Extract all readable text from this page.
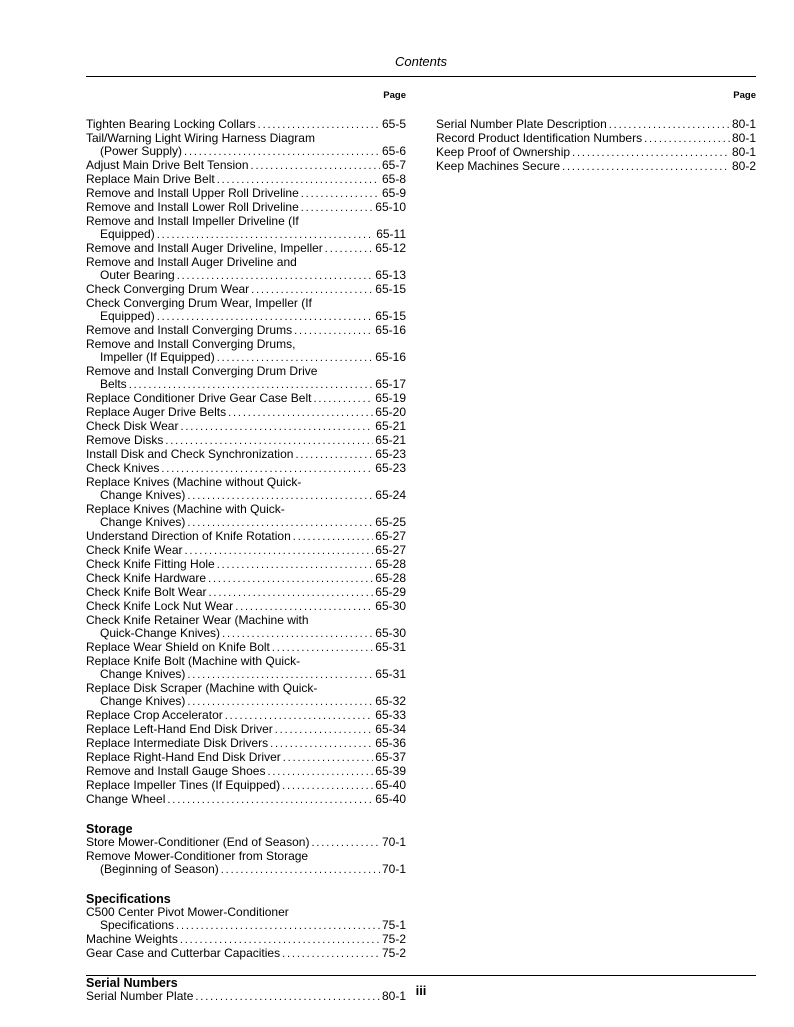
Contents
Page
Tighten Bearing Locking Collars . . .	65-5
Tail/Warning Light Wiring Harness Diagram
(Power Supply) . . .	65-6
Adjust Main Drive Belt Tension . . .	65-7
Replace Main Drive Belt . . .	65-8
Remove and Install Upper Roll Driveline . . .	65-9
Remove and Install Lower Roll Driveline . . .	65-10
Remove and Install Impeller Driveline (If
Equipped) . . .	65-11
Remove and Install Auger Driveline, Impeller . . .	65-12
Remove and Install Auger Driveline and
Outer Bearing . . .	65-13
Check Converging Drum Wear . . .	65-15
Check Converging Drum Wear, Impeller (If
Equipped) . . .	65-15
Remove and Install Converging Drums . . .	65-16
Remove and Install Converging Drums,
Impeller (If Equipped) . . .	65-16
Remove and Install Converging Drum Drive
Belts . . .	65-17
Replace Conditioner Drive Gear Case Belt . . .	65-19
Replace Auger Drive Belts . . .	65-20
Check Disk Wear . . .	65-21
Remove Disks . . .	65-21
Install Disk and Check Synchronization . . .	65-23
Check Knives . . .	65-23
Replace Knives (Machine without Quick-
Change Knives) . . .	65-24
Replace Knives (Machine with Quick-
Change Knives) . . .	65-25
Understand Direction of Knife Rotation . . .	65-27
Check Knife Wear . . .	65-27
Check Knife Fitting Hole . . .	65-28
Check Knife Hardware . . .	65-28
Check Knife Bolt Wear . . .	65-29
Check Knife Lock Nut Wear . . .	65-30
Check Knife Retainer Wear (Machine with
Quick-Change Knives) . . .	65-30
Replace Wear Shield on Knife Bolt . . .	65-31
Replace Knife Bolt (Machine with Quick-
Change Knives) . . .	65-31
Replace Disk Scraper (Machine with Quick-
Change Knives) . . .	65-32
Replace Crop Accelerator . . .	65-33
Replace Left-Hand End Disk Driver . . .	65-34
Replace Intermediate Disk Drivers . . .	65-36
Replace Right-Hand End Disk Driver . . .	65-37
Remove and Install Gauge Shoes . . .	65-39
Replace Impeller Tines (If Equipped) . . .	65-40
Change Wheel . . .	65-40
Storage
Store Mower-Conditioner (End of Season) . . .	70-1
Remove Mower-Conditioner from Storage
(Beginning of Season) . . .	70-1
Specifications
C500 Center Pivot Mower-Conditioner
Specifications . . .	75-1
Machine Weights . . .	75-2
Gear Case and Cutterbar Capacities . . .	75-2
Serial Numbers
Serial Number Plate . . .	80-1
Page
Serial Number Plate Description . . .	80-1
Record Product Identification Numbers . . .	80-1
Keep Proof of Ownership . . .	80-1
Keep Machines Secure . . .	80-2
iii
